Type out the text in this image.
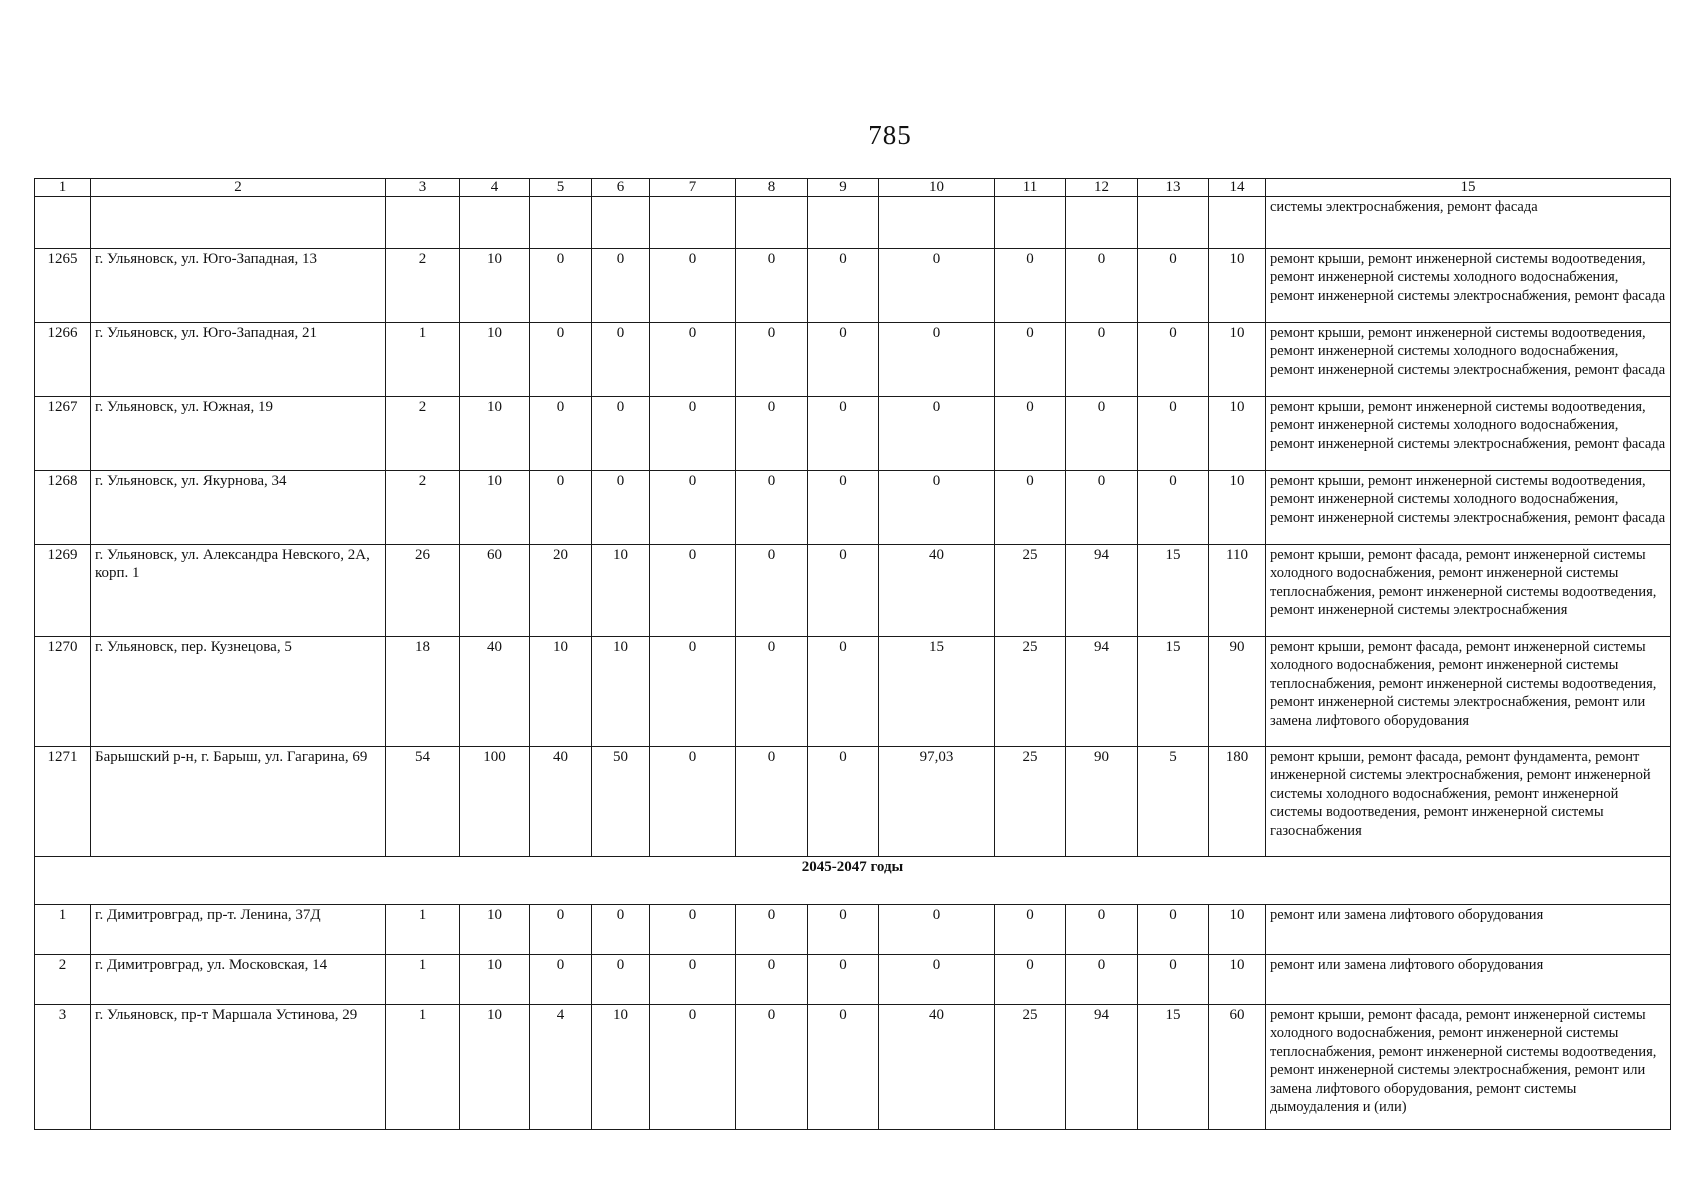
785
1	2	3	4	5	6	7	8	9	10	11	12	13	14	15
														системы электроснабжения, ремонт фасада
1265	г. Ульяновск, ул. Юго-Западная, 13	2	10	0	0	0	0	0	0	0	0	0	10	ремонт крыши, ремонт инженерной системы водоотведения, ремонт инженерной системы холодного водоснабжения, ремонт инженерной системы электроснабжения, ремонт фасада
1266	г. Ульяновск, ул. Юго-Западная, 21	1	10	0	0	0	0	0	0	0	0	0	10	ремонт крыши, ремонт инженерной системы водоотведения, ремонт инженерной системы холодного водоснабжения, ремонт инженерной системы электроснабжения, ремонт фасада
1267	г. Ульяновск, ул. Южная, 19	2	10	0	0	0	0	0	0	0	0	0	10	ремонт крыши, ремонт инженерной системы водоотведения, ремонт инженерной системы холодного водоснабжения, ремонт инженерной системы электроснабжения, ремонт фасада
1268	г. Ульяновск, ул. Якурнова, 34	2	10	0	0	0	0	0	0	0	0	0	10	ремонт крыши, ремонт инженерной системы водоотведения, ремонт инженерной системы холодного водоснабжения, ремонт инженерной системы электроснабжения, ремонт фасада
1269	г. Ульяновск, ул. Александра Невского, 2А, корп. 1	26	60	20	10	0	0	0	40	25	94	15	110	ремонт крыши, ремонт фасада, ремонт инженерной системы холодного водоснабжения, ремонт инженерной системы теплоснабжения, ремонт инженерной системы водоотведения, ремонт инженерной системы электроснабжения
1270	г. Ульяновск, пер. Кузнецова, 5	18	40	10	10	0	0	0	15	25	94	15	90	ремонт крыши, ремонт фасада, ремонт инженерной системы холодного водоснабжения, ремонт инженерной системы теплоснабжения, ремонт инженерной системы водоотведения, ремонт инженерной системы электроснабжения, ремонт или замена лифтового оборудования
1271	Барышский р-н, г. Барыш, ул. Гагарина, 69	54	100	40	50	0	0	0	97,03	25	90	5	180	ремонт крыши, ремонт фасада, ремонт фундамента, ремонт инженерной системы электроснабжения, ремонт инженерной системы холодного водоснабжения, ремонт инженерной системы водоотведения, ремонт инженерной системы газоснабжения
2045-2047 годы														
1	г. Димитровград, пр-т. Ленина, 37Д	1	10	0	0	0	0	0	0	0	0	0	10	ремонт или замена лифтового оборудования
2	г. Димитровград, ул. Московская, 14	1	10	0	0	0	0	0	0	0	0	0	10	ремонт или замена лифтового оборудования
3	г. Ульяновск, пр-т Маршала Устинова, 29	1	10	4	10	0	0	0	40	25	94	15	60	ремонт крыши, ремонт фасада, ремонт инженерной системы холодного водоснабжения, ремонт инженерной системы теплоснабжения, ремонт инженерной системы водоотведения, ремонт инженерной системы электроснабжения, ремонт или замена лифтового оборудования, ремонт системы дымоудаления и (или)
